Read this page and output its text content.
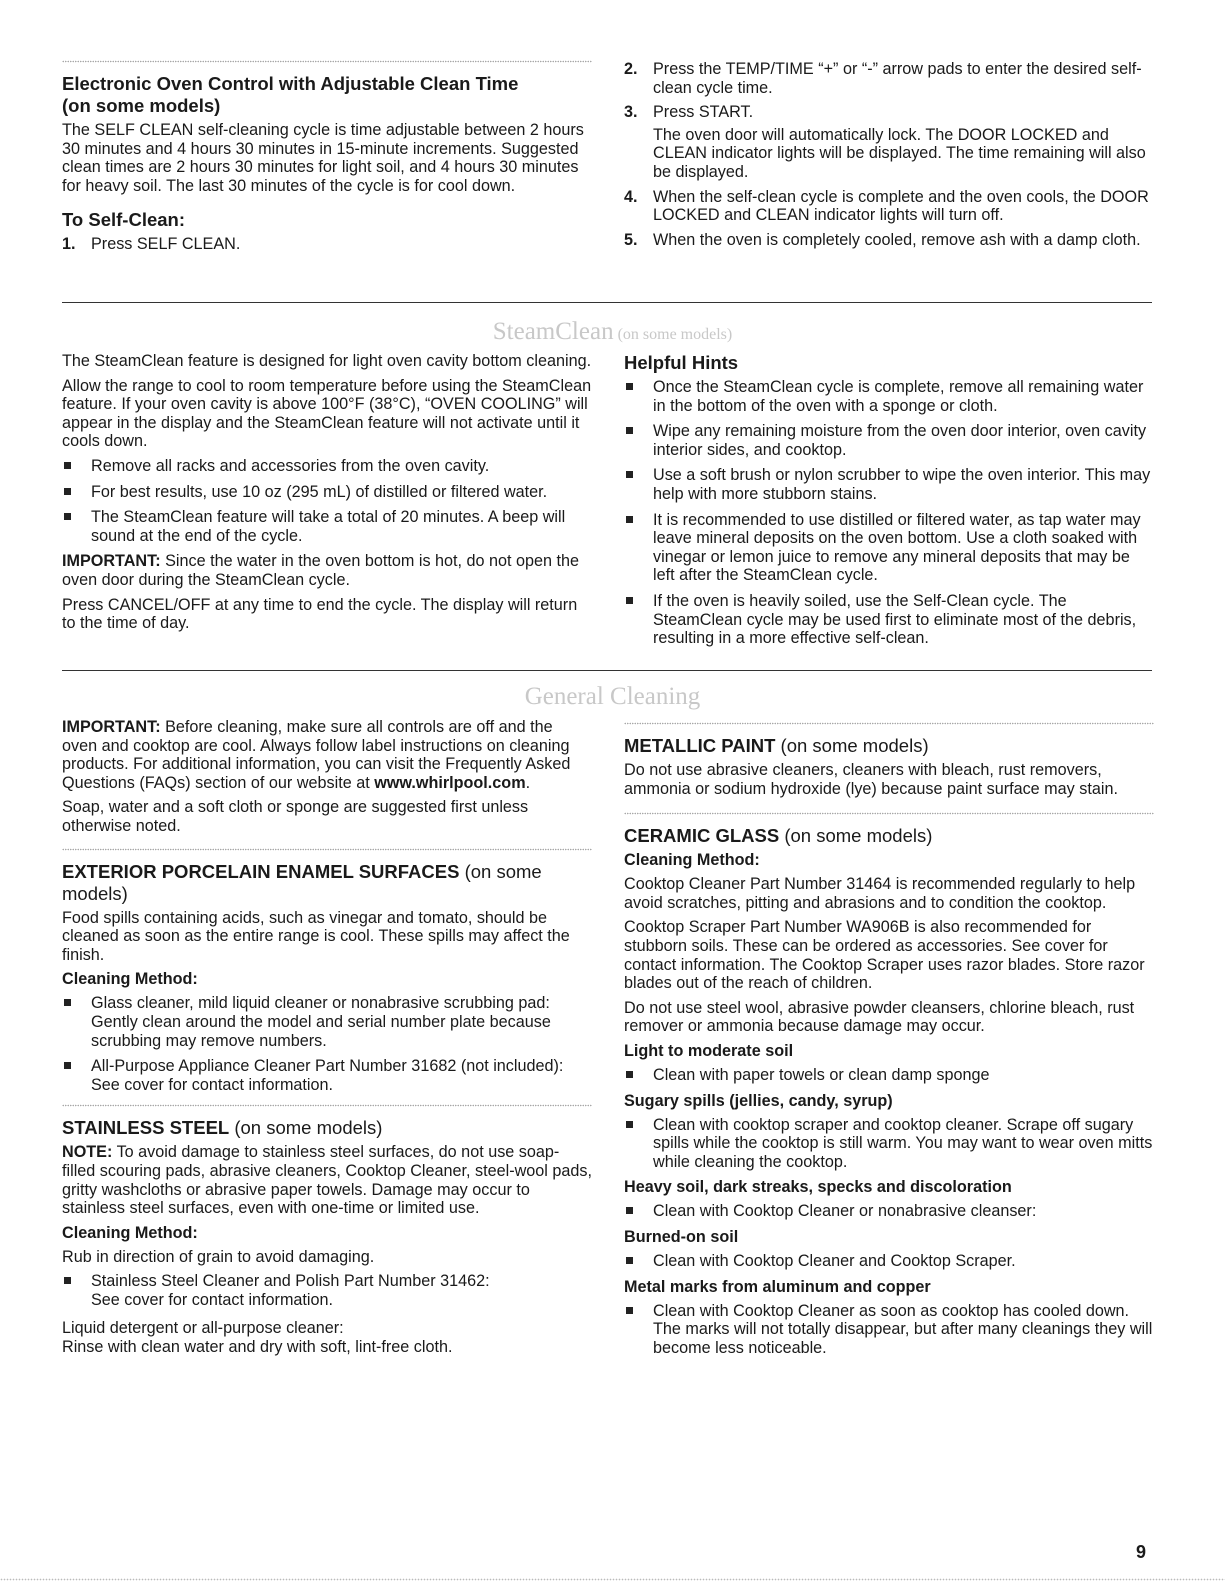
Electronic Oven Control with Adjustable Clean Time
(on some models)

The SELF CLEAN self-cleaning cycle is time adjustable between 2 hours 30 minutes and 4 hours 30 minutes in 15-minute increments. Suggested clean times are 2 hours 30 minutes for light soil, and 4 hours 30 minutes for heavy soil. The last 30 minutes of the cycle is for cool down.

To Self-Clean:
1. Press SELF CLEAN.
2. Press the TEMP/TIME “+” or “-” arrow pads to enter the desired self-clean cycle time.
3. Press START.
The oven door will automatically lock. The DOOR LOCKED and CLEAN indicator lights will be displayed. The time remaining will also be displayed.
4. When the self-clean cycle is complete and the oven cools, the DOOR LOCKED and CLEAN indicator lights will turn off.
5. When the oven is completely cooled, remove ash with a damp cloth.
SteamClean (on some models)

The SteamClean feature is designed for light oven cavity bottom cleaning.

Allow the range to cool to room temperature before using the SteamClean feature. If your oven cavity is above 100°F (38°C), “OVEN COOLING” will appear in the display and the SteamClean feature will not activate until it cools down.

Remove all racks and accessories from the oven cavity.
For best results, use 10 oz (295 mL) of distilled or filtered water.
The SteamClean feature will take a total of 20 minutes. A beep will sound at the end of the cycle.

IMPORTANT: Since the water in the oven bottom is hot, do not open the oven door during the SteamClean cycle.

Press CANCEL/OFF at any time to end the cycle. The display will return to the time of day.

Helpful Hints
Once the SteamClean cycle is complete, remove all remaining water in the bottom of the oven with a sponge or cloth.
Wipe any remaining moisture from the oven door interior, oven cavity interior sides, and cooktop.
Use a soft brush or nylon scrubber to wipe the oven interior. This may help with more stubborn stains.
It is recommended to use distilled or filtered water, as tap water may leave mineral deposits on the oven bottom. Use a cloth soaked with vinegar or lemon juice to remove any mineral deposits that may be left after the SteamClean cycle.
If the oven is heavily soiled, use the Self-Clean cycle. The SteamClean cycle may be used first to eliminate most of the debris, resulting in a more effective self-clean.
General Cleaning

IMPORTANT: Before cleaning, make sure all controls are off and the oven and cooktop are cool. Always follow label instructions on cleaning products. For additional information, you can visit the Frequently Asked Questions (FAQs) section of our website at www.whirlpool.com.

Soap, water and a soft cloth or sponge are suggested first unless otherwise noted.

EXTERIOR PORCELAIN ENAMEL SURFACES (on some models)

Food spills containing acids, such as vinegar and tomato, should be cleaned as soon as the entire range is cool. These spills may affect the finish.

Cleaning Method:
Glass cleaner, mild liquid cleaner or nonabrasive scrubbing pad:
Gently clean around the model and serial number plate because scrubbing may remove numbers.
All-Purpose Appliance Cleaner Part Number 31682 (not included):
See cover for contact information.
STAINLESS STEEL (on some models)

NOTE: To avoid damage to stainless steel surfaces, do not use soap-filled scouring pads, abrasive cleaners, Cooktop Cleaner, steel-wool pads, gritty washcloths or abrasive paper towels. Damage may occur to stainless steel surfaces, even with one-time or limited use.

Cleaning Method:

Rub in direction of grain to avoid damaging.

Stainless Steel Cleaner and Polish Part Number 31462:
See cover for contact information.

Liquid detergent or all-purpose cleaner:
Rinse with clean water and dry with soft, lint-free cloth.

METALLIC PAINT (on some models)

Do not use abrasive cleaners, cleaners with bleach, rust removers, ammonia or sodium hydroxide (lye) because paint surface may stain.

CERAMIC GLASS (on some models)
Cleaning Method:

Cooktop Cleaner Part Number 31464 is recommended regularly to help avoid scratches, pitting and abrasions and to condition the cooktop.

Cooktop Scraper Part Number WA906B is also recommended for stubborn soils. These can be ordered as accessories. See cover for contact information. The Cooktop Scraper uses razor blades. Store razor blades out of the reach of children.

Do not use steel wool, abrasive powder cleansers, chlorine bleach, rust remover or ammonia because damage may occur.

Light to moderate soil
Clean with paper towels or clean damp sponge
Sugary spills (jellies, candy, syrup)
Clean with cooktop scraper and cooktop cleaner. Scrape off sugary spills while the cooktop is still warm. You may want to wear oven mitts while cleaning the cooktop.
Heavy soil, dark streaks, specks and discoloration
Clean with Cooktop Cleaner or nonabrasive cleanser:
Burned-on soil
Clean with Cooktop Cleaner and Cooktop Scraper.
Metal marks from aluminum and copper
Clean with Cooktop Cleaner as soon as cooktop has cooled down. The marks will not totally disappear, but after many cleanings they will become less noticeable.
9
